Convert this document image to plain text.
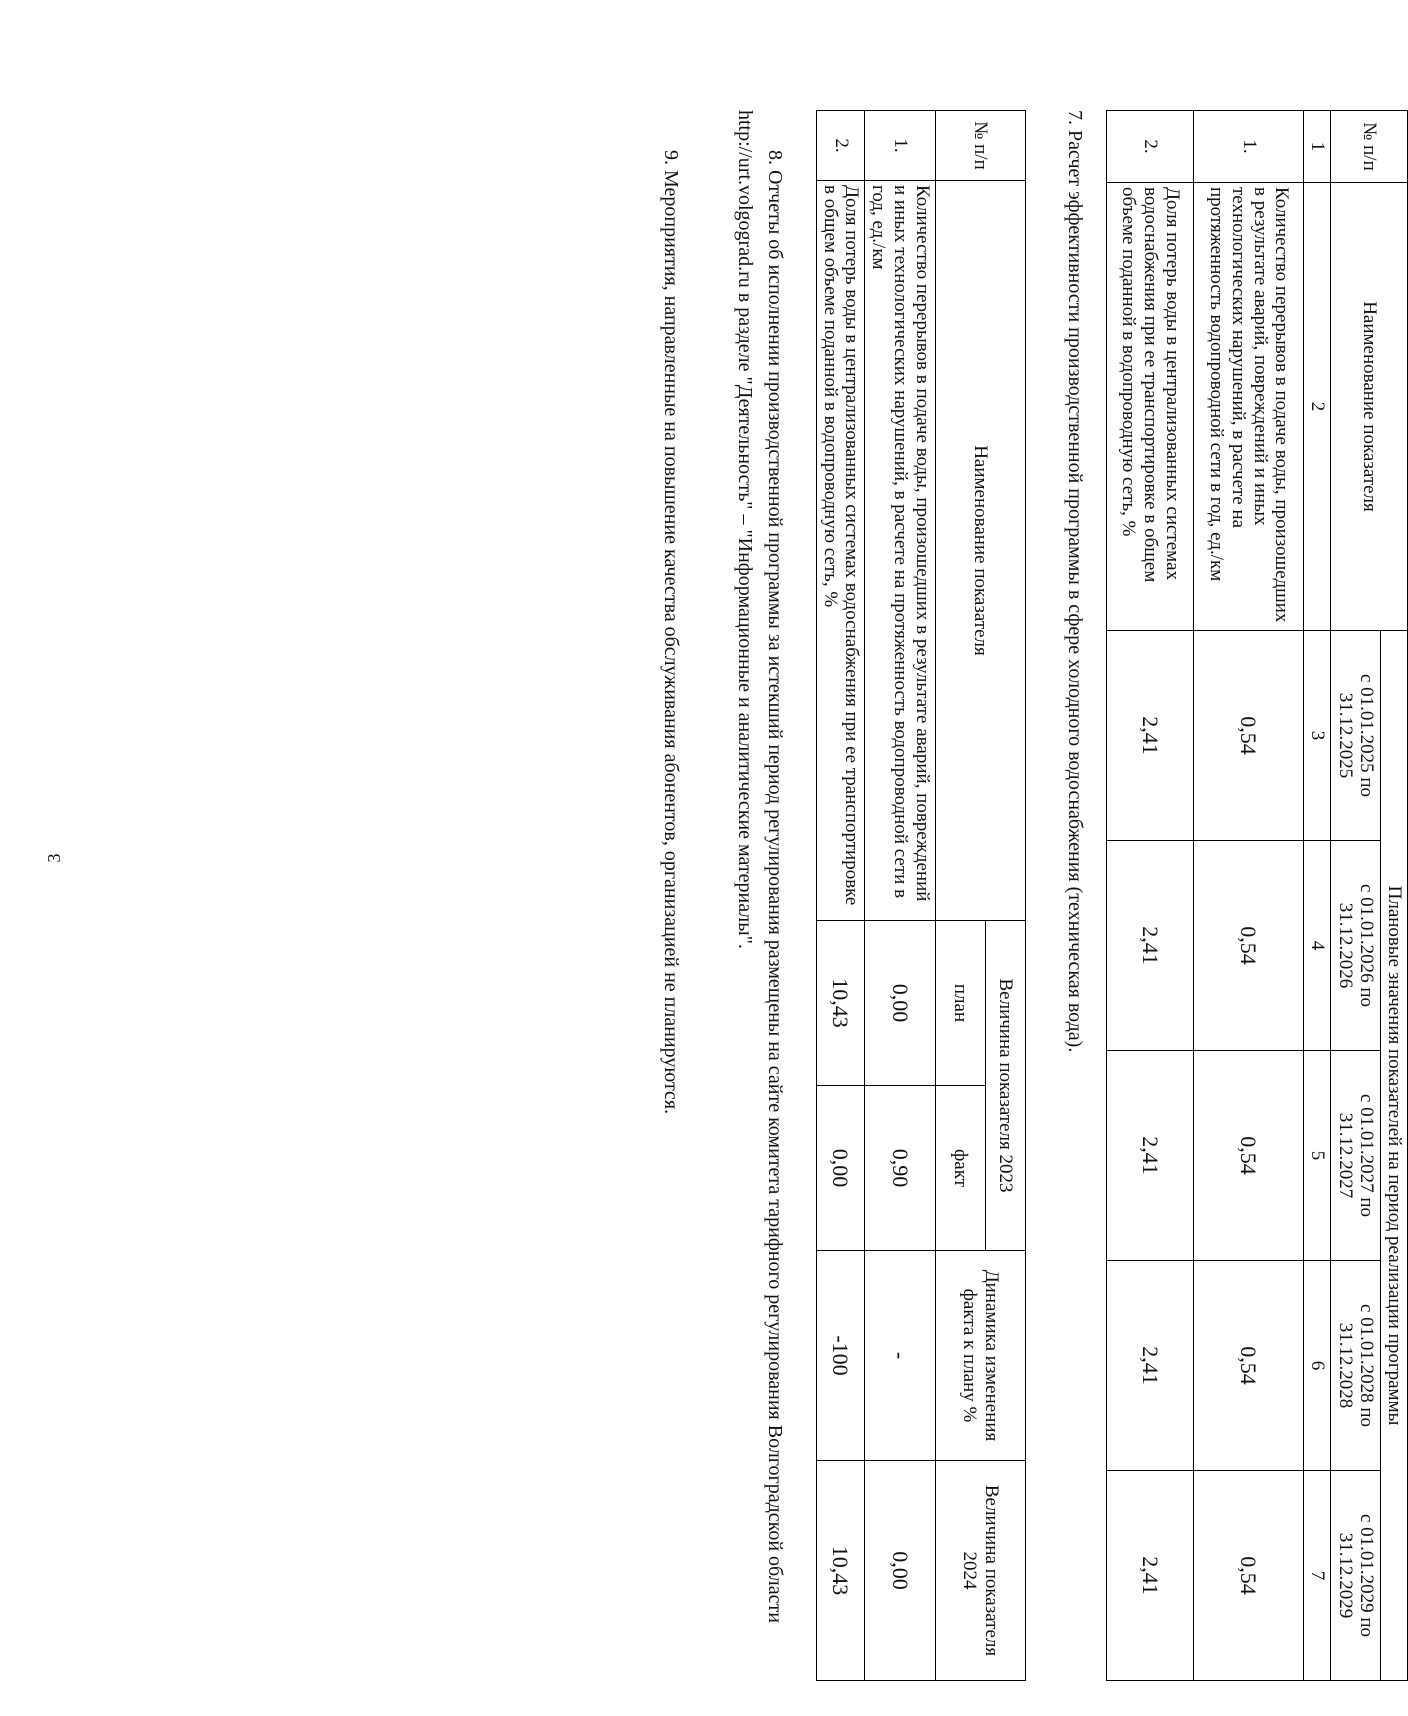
3
№ п/п	Наименование показателя	Плановые значения показателей на период реализации программы				
		с 01.01.2025 по 31.12.2025	с 01.01.2026 по 31.12.2026	с 01.01.2027 по 31.12.2027	с 01.01.2028 по 31.12.2028	с 01.01.2029 по 31.12.2029
1	2	3	4	5	6	7
1.	Количество перерывов в подаче воды, произошедших в результате аварий, повреждений и иных технологических нарушений, в расчете на протяженность водопроводной сети в год, ед./км	0,54	0,54	0,54	0,54	0,54
2.	Доля потерь воды в централизованных системах водоснабжения при ее транспортировке в общем объеме поданной в водопроводную сеть, %	2,41	2,41	2,41	2,41	2,41
7. Расчет эффективности производственной программы в сфере холодного водоснабжения (техническая вода).
№ п/п	Наименование показателя	Величина показателя 2023		Динамика изменения факта к плану %	Величина показателя 2024
		план	факт		
1.	Количество перерывов в подаче воды, произошедших в результате аварий, повреждений и иных технологических нарушений, в расчете на протяженность водопроводной сети в год, ед./км	0,00	0,90	-	0,00
2.	Доля потерь воды в централизованных системах водоснабжения при ее транспортировке в общем объеме поданной в водопроводную сеть, %	10,43	0,00	-100	10,43
8. Отчеты об исполнении производственной программы за истекший период регулирования размещены на сайте комитета тарифного регулирования Волгоградской области http://urt.volgograd.ru в разделе "Деятельность" – "Информационные и аналитические материалы".
9. Мероприятия, направленные на повышение качества обслуживания абонентов, организацией не планируются.
